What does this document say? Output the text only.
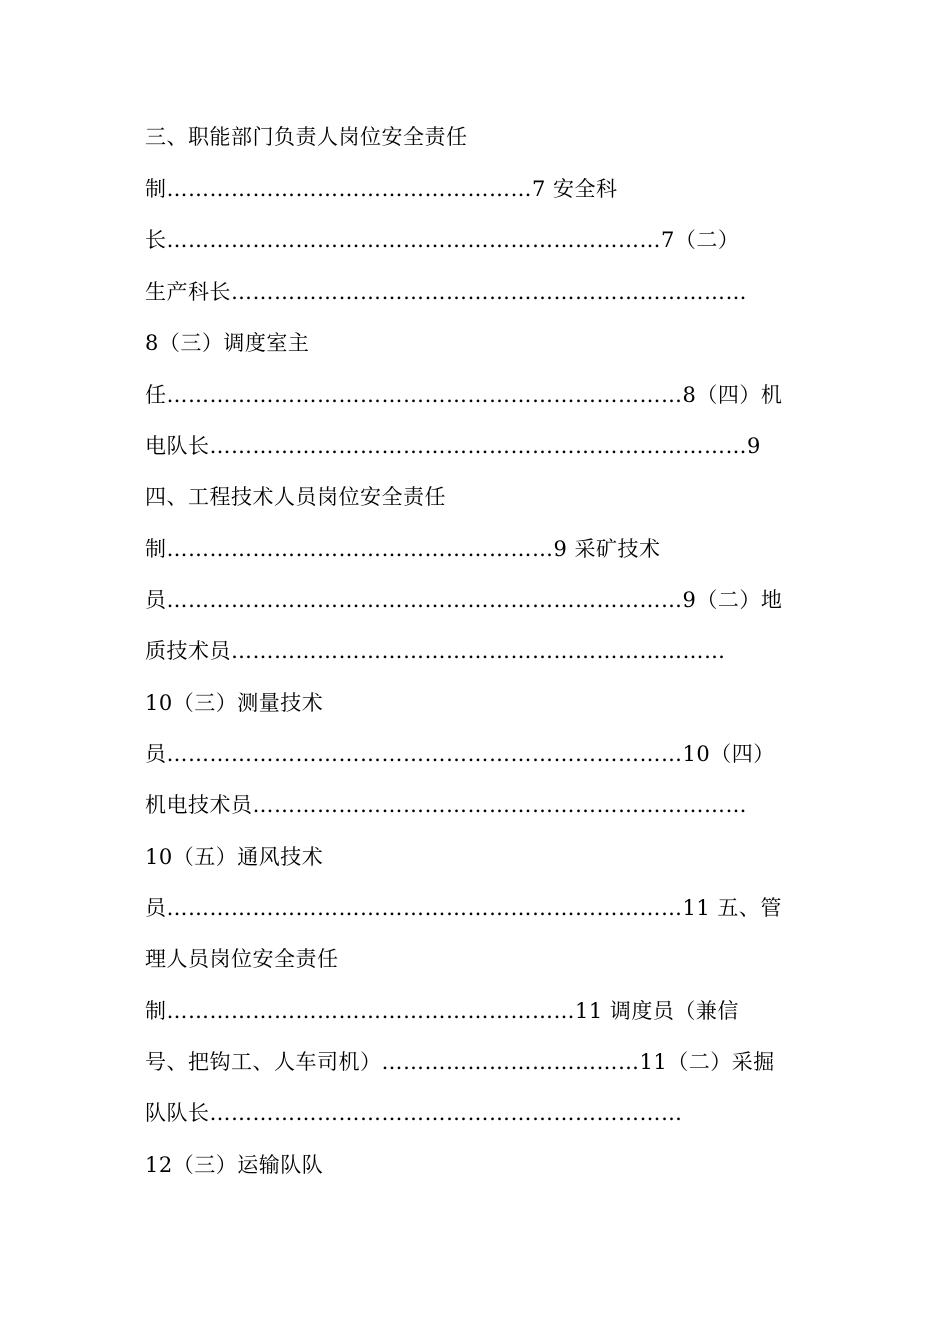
三、职能部门负责人岗位安全责任
制……………………………………………7 安全科
长……………………………………………………………7（二）
生产科长………………………………………………………………
8（三）调度室主
任………………………………………………………………8（四）机
电队长…………………………………………………………………9
四、工程技术人员岗位安全责任
制………………………………………………9 采矿技术
员………………………………………………………………9（二）地
质技术员……………………………………………………………
10（三）测量技术
员………………………………………………………………10（四）
机电技术员……………………………………………………………
10（五）通风技术
员………………………………………………………………11 五、管
理人员岗位安全责任
制…………………………………………………11 调度员（兼信
号、把钩工、人车司机）………………………………11（二）采掘
队队长…………………………………………………………
12（三）运输队队
